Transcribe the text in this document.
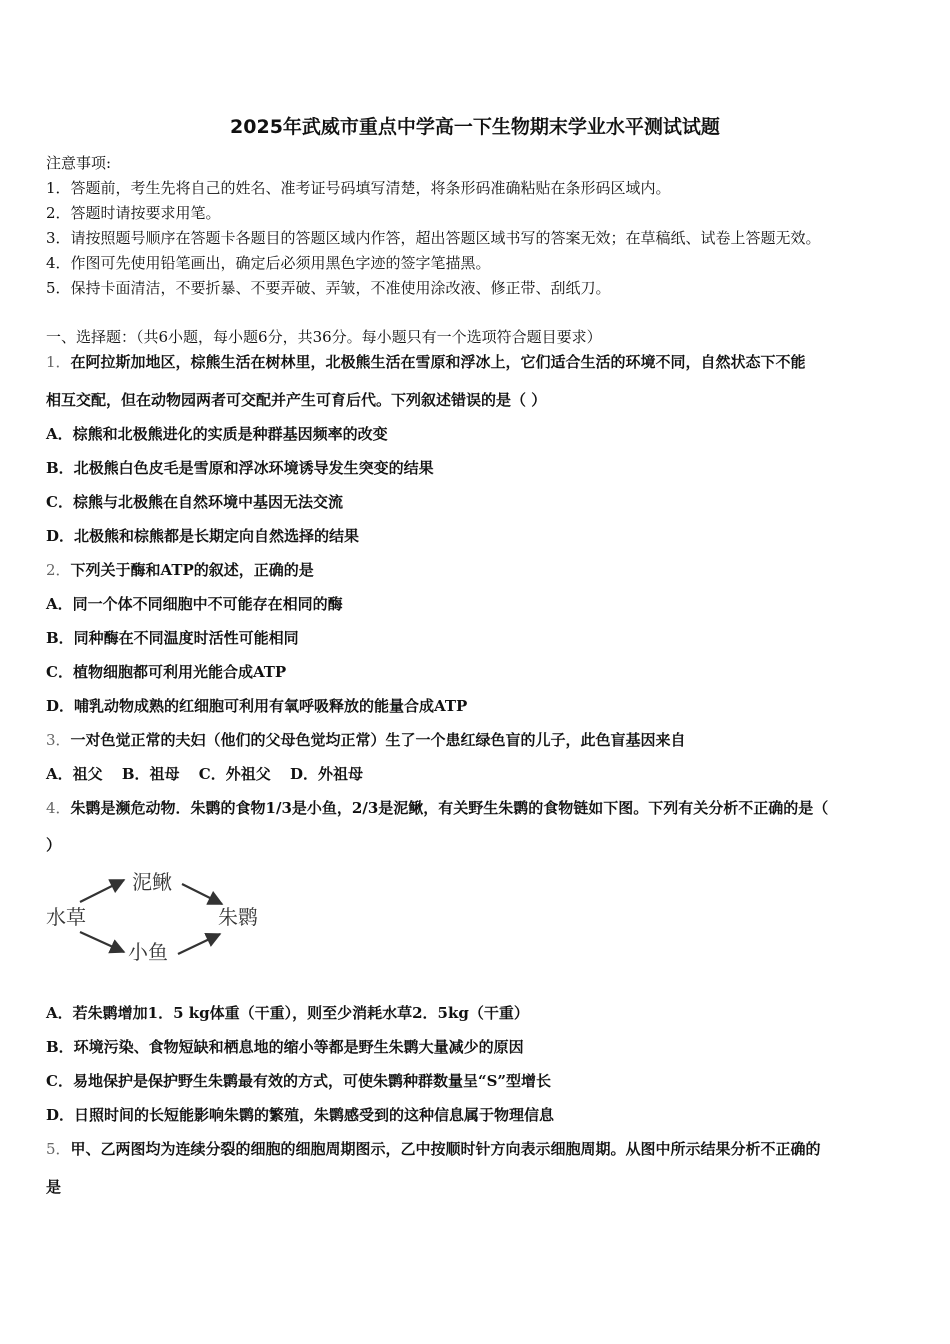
2025年武威市重点中学高一下生物期末学业水平测试试题
注意事项:
1．答题前，考生先将自己的姓名、准考证号码填写清楚，将条形码准确粘贴在条形码区域内。
2．答题时请按要求用笔。
3．请按照题号顺序在答题卡各题目的答题区域内作答，超出答题区域书写的答案无效；在草稿纸、试卷上答题无效。
4．作图可先使用铅笔画出，确定后必须用黑色字迹的签字笔描黑。
5．保持卡面清洁，不要折暴、不要弄破、弄皱，不准使用涂改液、修正带、刮纸刀。
一、选择题：（共6小题，每小题6分，共36分。每小题只有一个选项符合题目要求）
1．在阿拉斯加地区，棕熊生活在树林里，北极熊生活在雪原和浮冰上，它们适合生活的环境不同，自然状态下不能
相互交配，但在动物园两者可交配并产生可育后代。下列叙述错误的是（ ）
A．棕熊和北极熊进化的实质是种群基因频率的改变
B．北极熊白色皮毛是雪原和浮冰环境诱导发生突变的结果
C．棕熊与北极熊在自然环境中基因无法交流
D．北极熊和棕熊都是长期定向自然选择的结果
2．下列关于酶和ATP的叙述，正确的是
A．同一个体不同细胞中不可能存在相同的酶
B．同种酶在不同温度时活性可能相同
C．植物细胞都可利用光能合成ATP
D．哺乳动物成熟的红细胞可利用有氧呼吸释放的能量合成ATP
3．一对色觉正常的夫妇（他们的父母色觉均正常）生了一个患红绿色盲的儿子，此色盲基因来自
A．祖父 B．祖母 C．外祖父 D．外祖母
4．朱鹮是濒危动物．朱鹮的食物1/3是小鱼，2/3是泥鳅，有关野生朱鹮的食物链如下图。下列有关分析不正确的是（
）
水草
泥鳅
小鱼
朱鹮
A．若朱鹮增加1．5 kg体重（干重），则至少消耗水草2．5kg（干重）
B．环境污染、食物短缺和栖息地的缩小等都是野生朱鹮大量减少的原因
C．易地保护是保护野生朱鹮最有效的方式，可使朱鹮种群数量呈“S”型增长
D．日照时间的长短能影响朱鹮的繁殖，朱鹮感受到的这种信息属于物理信息
5．甲、乙两图均为连续分裂的细胞的细胞周期图示，乙中按顺时针方向表示细胞周期。从图中所示结果分析不正确的
是
